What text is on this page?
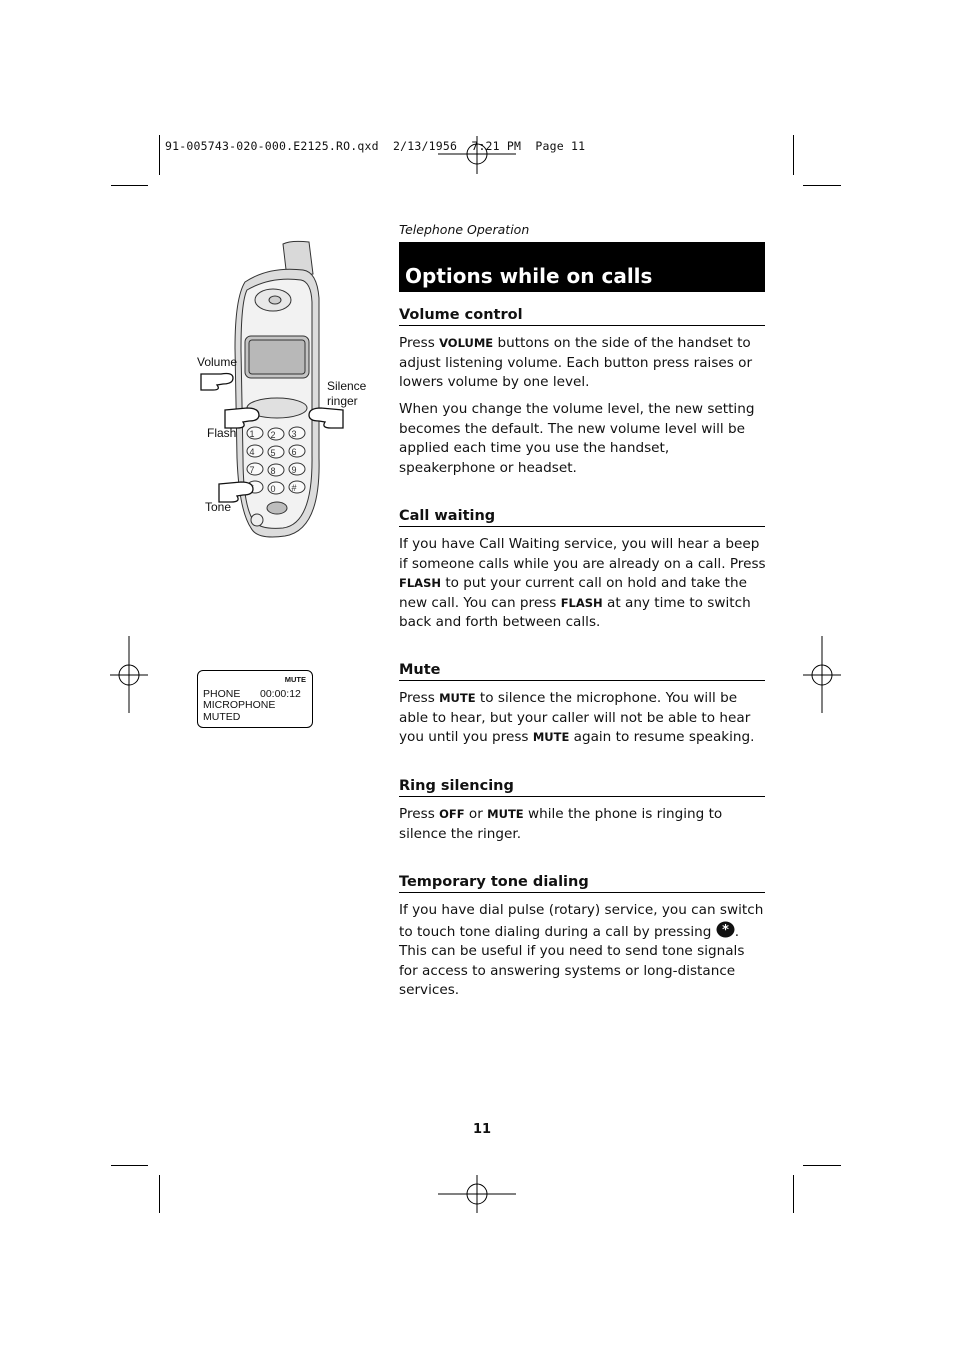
91-005743-020-000.E2125.RO.qxd  2/13/1956  7:21 PM  Page 11
Telephone Operation
Options while on calls
Volume control
Press VOLUME buttons on the side of the handset to adjust listening volume. Each button press raises or lowers volume by one level.
When you change the volume level, the new setting becomes the default. The new volume level will be applied each time you use the handset, speakerphone or headset.
Call waiting
If you have Call Waiting service, you will hear a beep if someone calls while you are already on a call. Press FLASH to put your current call on hold and take the new call. You can press FLASH at any time to switch back and forth between calls.
Mute
Press MUTE to silence the microphone. You will be able to hear, but your caller will not be able to hear you until you press MUTE again to resume speaking.
Ring silencing
Press OFF or MUTE while the phone is ringing to silence the ringer.
Temporary tone dialing
If you have dial pulse (rotary) service, you can switch to touch tone dialing during a call by pressing * . This can be useful if you need to send tone signals for access to answering systems or long-distance services.
1 2 3
4 5 6
7 8 9
0 #
Volume
Silence
ringer
Flash
Tone
MUTE
PHONE 00:00:12
MICROPHONE MUTED
11
